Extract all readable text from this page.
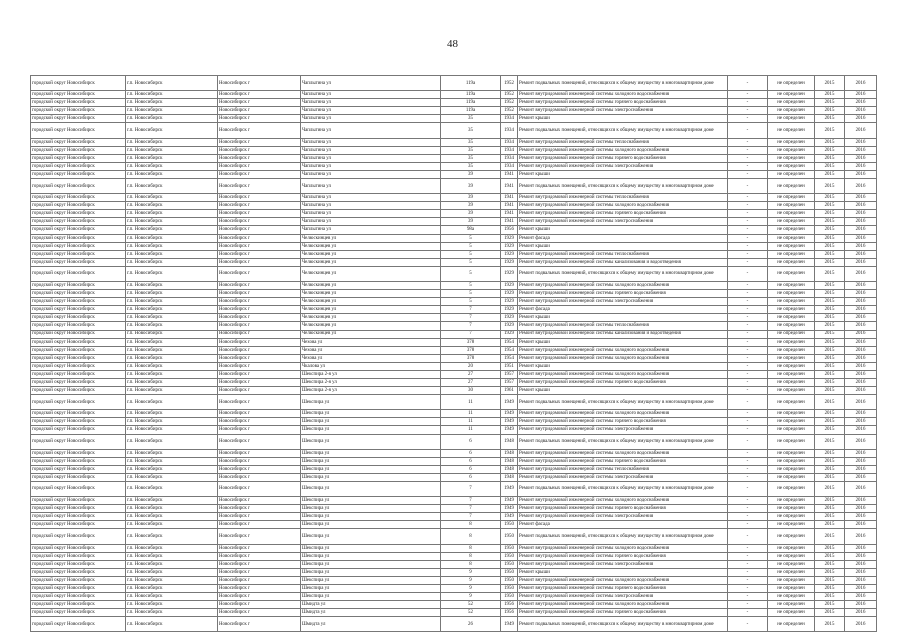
48
городской округ Новосибирск	г.п. Новосибирск	Новосибирск г	Чаплыгина ул	119а	1952	Ремонт подвальных помещений, относящихся к общему имуществу в многоквартирном доме	-	не определен	2015	2016
городской округ Новосибирск	г.п. Новосибирск	Новосибирск г	Чаплыгина ул	119а	1952	Ремонт внутридомовой инженерной системы холодного водоснабжения	-	не определен	2015	2016
городской округ Новосибирск	г.п. Новосибирск	Новосибирск г	Чаплыгина ул	119а	1952	Ремонт внутридомовой инженерной системы горячего водоснабжения	-	не определен	2015	2016
городской округ Новосибирск	г.п. Новосибирск	Новосибирск г	Чаплыгина ул	119а	1952	Ремонт внутридомовой инженерной системы электроснабжения	-	не определен	2015	2016
городской округ Новосибирск	г.п. Новосибирск	Новосибирск г	Чаплыгина ул	35	1934	Ремонт крыши	-	не определен	2015	2016
городской округ Новосибирск	г.п. Новосибирск	Новосибирск г	Чаплыгина ул	35	1934	Ремонт подвальных помещений, относящихся к общему имуществу в многоквартирном доме	-	не определен	2015	2016
городской округ Новосибирск	г.п. Новосибирск	Новосибирск г	Чаплыгина ул	35	1934	Ремонт внутридомовой инженерной системы теплоснабжения	-	не определен	2015	2016
городской округ Новосибирск	г.п. Новосибирск	Новосибирск г	Чаплыгина ул	35	1934	Ремонт внутридомовой инженерной системы холодного водоснабжения	-	не определен	2015	2016
городской округ Новосибирск	г.п. Новосибирск	Новосибирск г	Чаплыгина ул	35	1934	Ремонт внутридомовой инженерной системы горячего водоснабжения	-	не определен	2015	2016
городской округ Новосибирск	г.п. Новосибирск	Новосибирск г	Чаплыгина ул	35	1934	Ремонт внутридомовой инженерной системы электроснабжения	-	не определен	2015	2016
городской округ Новосибирск	г.п. Новосибирск	Новосибирск г	Чаплыгина ул	39	1941	Ремонт крыши	-	не определен	2015	2016
городской округ Новосибирск	г.п. Новосибирск	Новосибирск г	Чаплыгина ул	39	1941	Ремонт подвальных помещений, относящихся к общему имуществу в многоквартирном доме	-	не определен	2015	2016
городской округ Новосибирск	г.п. Новосибирск	Новосибирск г	Чаплыгина ул	39	1941	Ремонт внутридомовой инженерной системы теплоснабжения	-	не определен	2015	2016
городской округ Новосибирск	г.п. Новосибирск	Новосибирск г	Чаплыгина ул	39	1941	Ремонт внутридомовой инженерной системы холодного водоснабжения	-	не определен	2015	2016
городской округ Новосибирск	г.п. Новосибирск	Новосибирск г	Чаплыгина ул	39	1941	Ремонт внутридомовой инженерной системы горячего водоснабжения	-	не определен	2015	2016
городской округ Новосибирск	г.п. Новосибирск	Новосибирск г	Чаплыгина ул	39	1941	Ремонт внутридомовой инженерной системы электроснабжения	-	не определен	2015	2016
городской округ Новосибирск	г.п. Новосибирск	Новосибирск г	Чаплыгина ул	98а	1956	Ремонт крыши	-	не определен	2015	2016
городской округ Новосибирск	г.п. Новосибирск	Новосибирск г	Челюскинцев ул	5	1929	Ремонт фасада	-	не определен	2015	2016
городской округ Новосибирск	г.п. Новосибирск	Новосибирск г	Челюскинцев ул	5	1929	Ремонт крыши	-	не определен	2015	2016
городской округ Новосибирск	г.п. Новосибирск	Новосибирск г	Челюскинцев ул	5	1929	Ремонт внутридомовой инженерной системы теплоснабжения	-	не определен	2015	2016
городской округ Новосибирск	г.п. Новосибирск	Новосибирск г	Челюскинцев ул	5	1929	Ремонт внутридомовой инженерной системы канализования и водоотведения	-	не определен	2015	2016
городской округ Новосибирск	г.п. Новосибирск	Новосибирск г	Челюскинцев ул	5	1929	Ремонт подвальных помещений, относящихся к общему имуществу в многоквартирном доме	-	не определен	2015	2016
городской округ Новосибирск	г.п. Новосибирск	Новосибирск г	Челюскинцев ул	5	1929	Ремонт внутридомовой инженерной системы холодного водоснабжения	-	не определен	2015	2016
городской округ Новосибирск	г.п. Новосибирск	Новосибирск г	Челюскинцев ул	5	1929	Ремонт внутридомовой инженерной системы горячего водоснабжения	-	не определен	2015	2016
городской округ Новосибирск	г.п. Новосибирск	Новосибирск г	Челюскинцев ул	5	1929	Ремонт внутридомовой инженерной системы электроснабжения	-	не определен	2015	2016
городской округ Новосибирск	г.п. Новосибирск	Новосибирск г	Челюскинцев ул	7	1929	Ремонт фасада	-	не определен	2015	2016
городской округ Новосибирск	г.п. Новосибирск	Новосибирск г	Челюскинцев ул	7	1929	Ремонт крыши	-	не определен	2015	2016
городской округ Новосибирск	г.п. Новосибирск	Новосибирск г	Челюскинцев ул	7	1929	Ремонт внутридомовой инженерной системы теплоснабжения	-	не определен	2015	2016
городской округ Новосибирск	г.п. Новосибирск	Новосибирск г	Челюскинцев ул	7	1929	Ремонт внутридомовой инженерной системы канализования и водоотведения	-	не определен	2015	2016
городской округ Новосибирск	г.п. Новосибирск	Новосибирск г	Чехова ул	378	1954	Ремонт крыши	-	не определен	2015	2016
городской округ Новосибирск	г.п. Новосибирск	Новосибирск г	Чехова ул	378	1954	Ремонт внутридомовой инженерной системы холодного водоснабжения	-	не определен	2015	2016
городской округ Новосибирск	г.п. Новосибирск	Новосибирск г	Чехова ул	378	1954	Ремонт внутридомовой инженерной системы холодного водоснабжения	-	не определен	2015	2016
городской округ Новосибирск	г.п. Новосибирск	Новосибирск г	Чкалова ул	20	1951	Ремонт крыши	-	не определен	2015	2016
городской округ Новосибирск	г.п. Новосибирск	Новосибирск г	Шекспира 2-я ул	27	1957	Ремонт внутридомовой инженерной системы холодного водоснабжения	-	не определен	2015	2016
городской округ Новосибирск	г.п. Новосибирск	Новосибирск г	Шекспира 2-я ул	27	1957	Ремонт внутридомовой инженерной системы горячего водоснабжения	-	не определен	2015	2016
городской округ Новосибирск	г.п. Новосибирск	Новосибирск г	Шекспира 2-я ул	30	1961	Ремонт крыши	-	не определен	2015	2016
городской округ Новосибирск	г.п. Новосибирск	Новосибирск г	Шекспира ул	11	1949	Ремонт подвальных помещений, относящихся к общему имуществу в многоквартирном доме	-	не определен	2015	2016
городской округ Новосибирск	г.п. Новосибирск	Новосибирск г	Шекспира ул	11	1949	Ремонт внутридомовой инженерной системы холодного водоснабжения	-	не определен	2015	2016
городской округ Новосибирск	г.п. Новосибирск	Новосибирск г	Шекспира ул	11	1949	Ремонт внутридомовой инженерной системы горячего водоснабжения	-	не определен	2015	2016
городской округ Новосибирск	г.п. Новосибирск	Новосибирск г	Шекспира ул	11	1949	Ремонт внутридомовой инженерной системы электроснабжения	-	не определен	2015	2016
городской округ Новосибирск	г.п. Новосибирск	Новосибирск г	Шекспира ул	6	1948	Ремонт подвальных помещений, относящихся к общему имуществу в многоквартирном доме	-	не определен	2015	2016
городской округ Новосибирск	г.п. Новосибирск	Новосибирск г	Шекспира ул	6	1948	Ремонт внутридомовой инженерной системы холодного водоснабжения	-	не определен	2015	2016
городской округ Новосибирск	г.п. Новосибирск	Новосибирск г	Шекспира ул	6	1948	Ремонт внутридомовой инженерной системы горячего водоснабжения	-	не определен	2015	2016
городской округ Новосибирск	г.п. Новосибирск	Новосибирск г	Шекспира ул	6	1948	Ремонт внутридомовой инженерной системы теплоснабжения	-	не определен	2015	2016
городской округ Новосибирск	г.п. Новосибирск	Новосибирск г	Шекспира ул	6	1948	Ремонт внутридомовой инженерной системы электроснабжения	-	не определен	2015	2016
городской округ Новосибирск	г.п. Новосибирск	Новосибирск г	Шекспира ул	7	1949	Ремонт подвальных помещений, относящихся к общему имуществу в многоквартирном доме	-	не определен	2015	2016
городской округ Новосибирск	г.п. Новосибирск	Новосибирск г	Шекспира ул	7	1949	Ремонт внутридомовой инженерной системы холодного водоснабжения	-	не определен	2015	2016
городской округ Новосибирск	г.п. Новосибирск	Новосибирск г	Шекспира ул	7	1949	Ремонт внутридомовой инженерной системы горячего водоснабжения	-	не определен	2015	2016
городской округ Новосибирск	г.п. Новосибирск	Новосибирск г	Шекспира ул	7	1949	Ремонт внутридомовой инженерной системы электроснабжения	-	не определен	2015	2016
городской округ Новосибирск	г.п. Новосибирск	Новосибирск г	Шекспира ул	8	1950	Ремонт фасада	-	не определен	2015	2016
городской округ Новосибирск	г.п. Новосибирск	Новосибирск г	Шекспира ул	8	1950	Ремонт подвальных помещений, относящихся к общему имуществу в многоквартирном доме	-	не определен	2015	2016
городской округ Новосибирск	г.п. Новосибирск	Новосибирск г	Шекспира ул	8	1950	Ремонт внутридомовой инженерной системы холодного водоснабжения	-	не определен	2015	2016
городской округ Новосибирск	г.п. Новосибирск	Новосибирск г	Шекспира ул	8	1950	Ремонт внутридомовой инженерной системы горячего водоснабжения	-	не определен	2015	2016
городской округ Новосибирск	г.п. Новосибирск	Новосибирск г	Шекспира ул	8	1950	Ремонт внутридомовой инженерной системы электроснабжения	-	не определен	2015	2016
городской округ Новосибирск	г.п. Новосибирск	Новосибирск г	Шекспира ул	9	1950	Ремонт крыши	-	не определен	2015	2016
городской округ Новосибирск	г.п. Новосибирск	Новосибирск г	Шекспира ул	9	1950	Ремонт внутридомовой инженерной системы холодного водоснабжения	-	не определен	2015	2016
городской округ Новосибирск	г.п. Новосибирск	Новосибирск г	Шекспира ул	9	1950	Ремонт внутридомовой инженерной системы горячего водоснабжения	-	не определен	2015	2016
городской округ Новосибирск	г.п. Новосибирск	Новосибирск г	Шекспира ул	9	1950	Ремонт внутридомовой инженерной системы электроснабжения	-	не определен	2015	2016
городской округ Новосибирск	г.п. Новосибирск	Новосибирск г	Шмидта ул	52	1956	Ремонт внутридомовой инженерной системы холодного водоснабжения	-	не определен	2015	2016
городской округ Новосибирск	г.п. Новосибирск	Новосибирск г	Шмидта ул	52	1956	Ремонт внутридомовой инженерной системы горячего водоснабжения	-	не определен	2015	2016
городской округ Новосибирск	г.п. Новосибирск	Новосибирск г	Шмидта ул	26	1949	Ремонт подвальных помещений, относящихся к общему имуществу в многоквартирном доме	-	не определен	2015	2016
